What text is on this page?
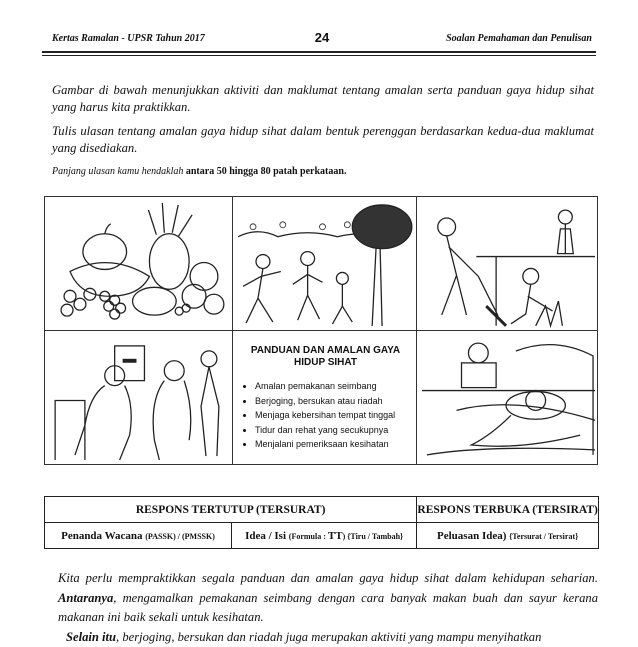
Kertas Ramalan - UPSR Tahun 2017	24	Soalan Pemahaman dan Penulisan
Gambar di bawah menunjukkan aktiviti dan maklumat tentang amalan serta panduan gaya hidup sihat yang harus kita praktikkan.
Tulis ulasan tentang amalan gaya hidup sihat dalam bentuk perenggan berdasarkan kedua-dua maklumat yang disediakan.
Panjang ulasan kamu hendaklah antara 50 hingga 80 patah perkataan.
PANDUAN DAN AMALAN GAYA HIDUP SIHAT
• Amalan pemakanan seimbang
• Berjoging, bersukan atau riadah
• Menjaga kebersihan tempat tinggal
• Tidur dan rehat yang secukupnya
• Menjalani pemeriksaan kesihatan
RESPONS TERTUTUP (TERSURAT)		RESPONS TERBUKA (TERSIRAT)
Penanda Wacana (PASSK) / (PMSSK)	Idea / Isi (Formula : TT) {Tiru / Tambah}	Peluasan Idea) {Tersurat / Tersirat}

Kita perlu mempraktikkan segala panduan dan amalan gaya hidup sihat dalam kehidupan seharian. Antaranya, mengamalkan pemakanan seimbang dengan cara banyak makan buah dan sayur kerana makanan ini baik sekali untuk kesihatan.

Selain itu, berjoging, bersukan dan riadah juga merupakan aktiviti yang mampu menyihatkan
